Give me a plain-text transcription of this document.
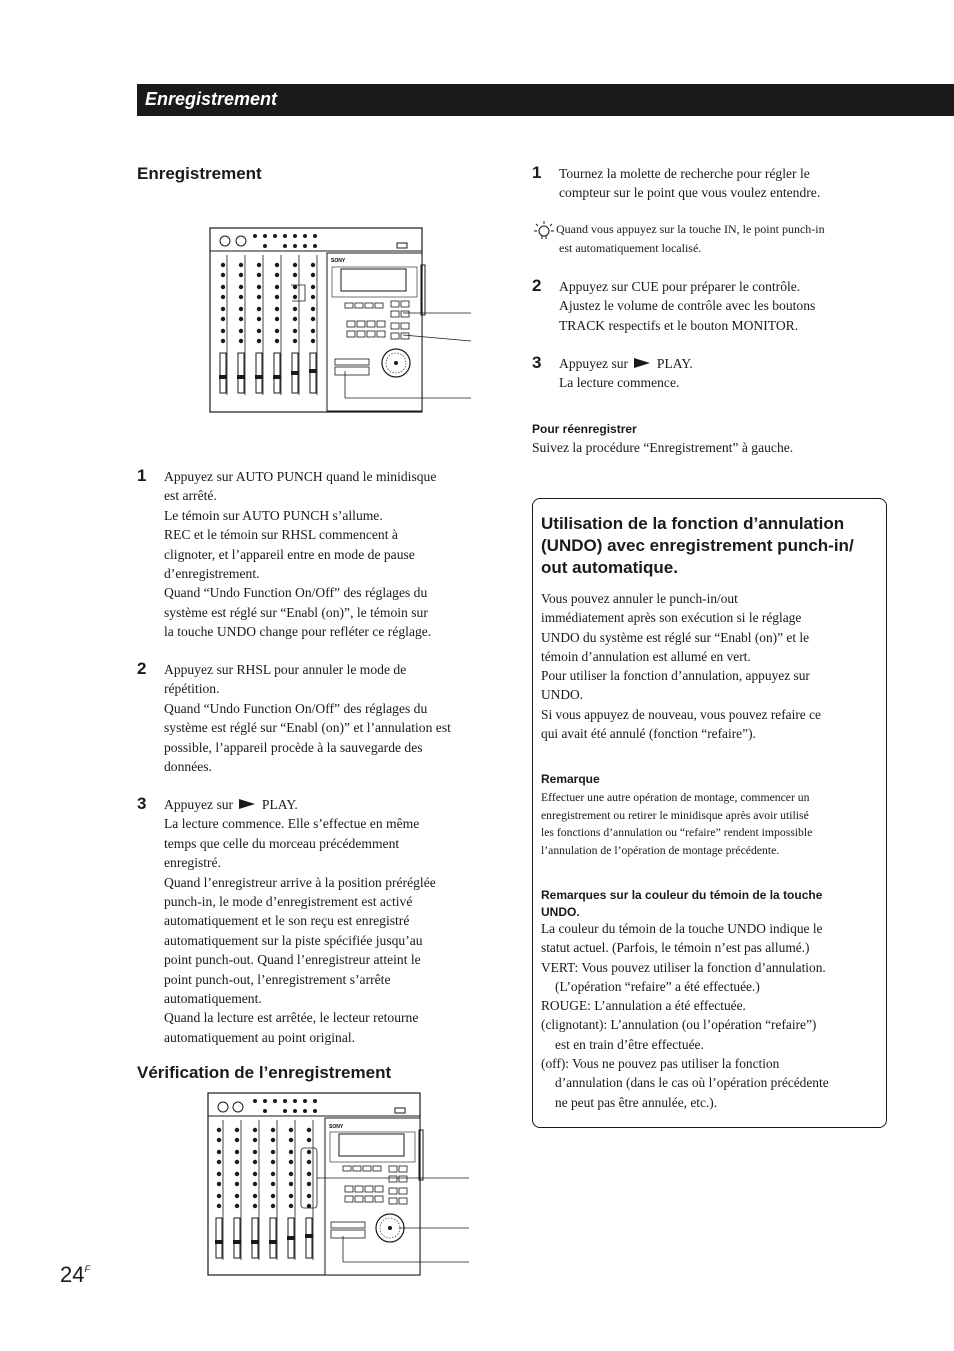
Enregistrement
Enregistrement
SONY
1 Appuyez sur AUTO PUNCH quand le minidisque

est arrêté.

Le témoin sur AUTO PUNCH s’allume.

REC et le témoin sur RHSL commencent à

clignoter, et l’appareil entre en mode de pause

d’enregistrement.

Quand “Undo Function On/Off” des réglages du

système est réglé sur “Enabl (on)”, le témoin sur

la touche UNDO change pour refléter ce réglage.

2 Appuyez sur RHSL pour annuler le mode de

répétition.

Quand “Undo Function On/Off” des réglages du

système est réglé sur “Enabl (on)” et l’annulation est

possible, l’appareil procède à la sauvegarde des

données.

3 Appuyez sur PLAY.

La lecture commence. Elle s’effectue en même

temps que celle du morceau précédemment

enregistré.

Quand l’enregistreur arrive à la position préréglée

punch-in, le mode d’enregistrement est activé

automatiquement et le son reçu est enregistré

automatiquement sur la piste spécifiée jusqu’au

point punch-out. Quand l’enregistreur atteint le

point punch-out, l’enregistrement s’arrête

automatiquement.

Quand la lecture est arrêtée, le lecteur retourne

automatiquement au point original.

Vérification de l’enregistrement
SONY
1 Tournez la molette de recherche pour régler le

compteur sur le point que vous voulez entendre.

Quand vous appuyez sur la touche IN, le point punch-in
est automatiquement localisé.
2 Appuyez sur CUE pour préparer le contrôle.

Ajustez le volume de contrôle avec les boutons

TRACK respectifs et le bouton MONITOR.

3 Appuyez sur PLAY.

La lecture commence.

Pour réenregistrer
Suivez la procédure “Enregistrement” à gauche.
Utilisation de la fonction d’annulation
(UNDO) avec enregistrement punch-in/
out automatique.

Vous pouvez annuler le punch-in/out

immédiatement après son exécution si le réglage

UNDO du système est réglé sur “Enabl (on)” et le

témoin d’annulation est allumé en vert.

Pour utiliser la fonction d’annulation, appuyez sur

UNDO.

Si vous appuyez de nouveau, vous pouvez refaire ce

qui avait été annulé (fonction “refaire”).

Remarque
Effectuer une autre opération de montage, commencer un
enregistrement ou retirer le minidisque après avoir utilisé
les fonctions d’annulation ou “refaire” rendent impossible
l’annulation de l’opération de montage précédente.
Remarques sur la couleur du témoin de la touche
UNDO.

La couleur du témoin de la touche UNDO indique le

statut actuel. (Parfois, le témoin n’est pas allumé.)

VERT: Vous pouvez utiliser la fonction d’annulation.

(L’opération “refaire” a été effectuée.)

ROUGE: L’annulation a été effectuée.

(clignotant): L’annulation (ou l’opération “refaire”)

est en train d’être effectuée.

(off): Vous ne pouvez pas utiliser la fonction

d’annulation (dans le cas où l’opération précédente

ne peut pas être annulée, etc.).

$24^F$
